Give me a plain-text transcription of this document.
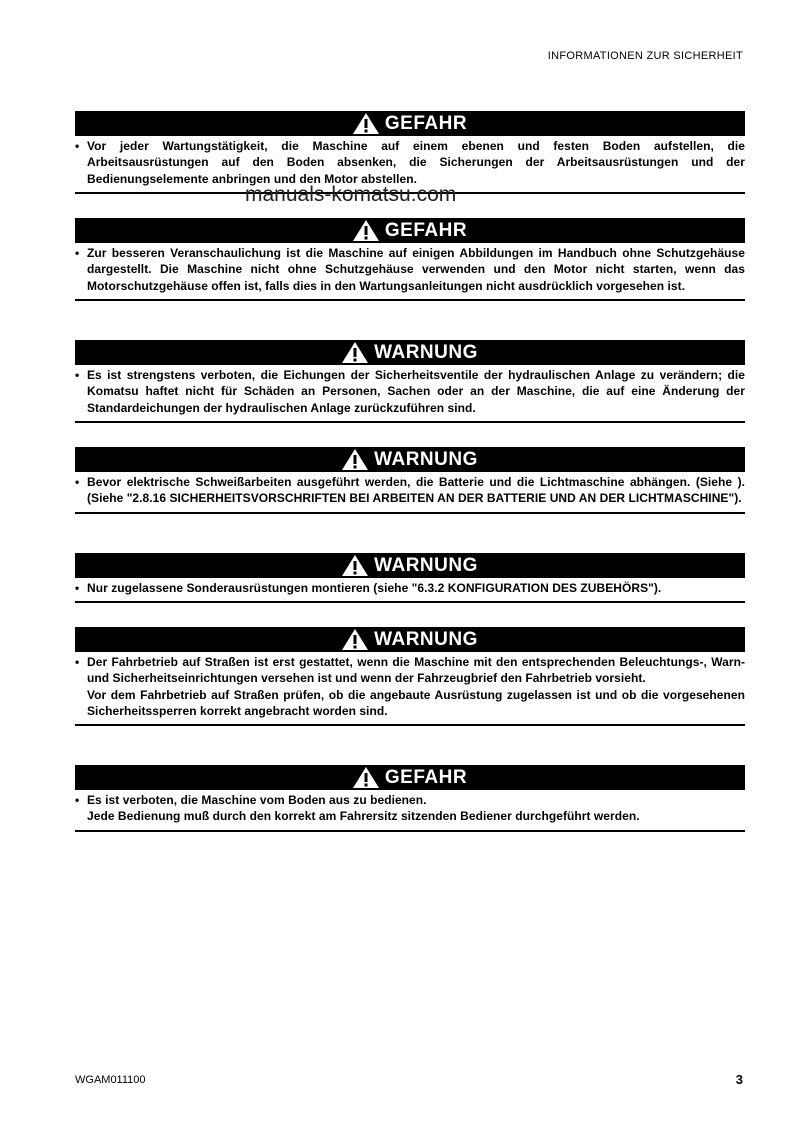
INFORMATIONEN ZUR SICHERHEIT
manuals-komatsu.com
GEFAHR
• Vor jeder Wartungstätigkeit, die Maschine auf einem ebenen und festen Boden aufstellen, die Arbeitsausrüstungen auf den Boden absenken, die Sicherungen der Arbeitsausrüstungen und der Bedienungselemente anbringen und den Motor abstellen.

GEFAHR
• Zur besseren Veranschaulichung ist die Maschine auf einigen Abbildungen im Handbuch ohne Schutzgehäuse dargestellt. Die Maschine nicht ohne Schutzgehäuse verwenden und den Motor nicht starten, wenn das Motorschutzgehäuse offen ist, falls dies in den Wartungsanleitungen nicht ausdrücklich vorgesehen ist.

WARNUNG
• Es ist strengstens verboten, die Eichungen der Sicherheitsventile der hydraulischen Anlage zu verändern; die Komatsu haftet nicht für Schäden an Personen, Sachen oder an der Maschine, die auf eine Änderung der Standardeichungen der hydraulischen Anlage zurückzuführen sind.

WARNUNG
• Bevor elektrische Schweißarbeiten ausgeführt werden, die Batterie und die Lichtmaschine abhängen. (Siehe ). (Siehe "2.8.16 SICHERHEITSVORSCHRIFTEN BEI ARBEITEN AN DER BATTERIE UND AN DER LICHTMASCHINE").

WARNUNG
• Nur zugelassene Sonderausrüstungen montieren (siehe "6.3.2 KONFIGURATION DES ZUBEHÖRS").

WARNUNG
• Der Fahrbetrieb auf Straßen ist erst gestattet, wenn die Maschine mit den entsprechenden Beleuchtungs-, Warn- und Sicherheitseinrichtungen versehen ist und wenn der Fahrzeugbrief den Fahrbetrieb vorsieht.

Vor dem Fahrbetrieb auf Straßen prüfen, ob die angebaute Ausrüstung zugelassen ist und ob die vorgesehenen Sicherheitssperren korrekt angebracht worden sind.

GEFAHR
• Es ist verboten, die Maschine vom Boden aus zu bedienen.

Jede Bedienung muß durch den korrekt am Fahrersitz sitzenden Bediener durchgeführt werden.

WGAM011100	3
